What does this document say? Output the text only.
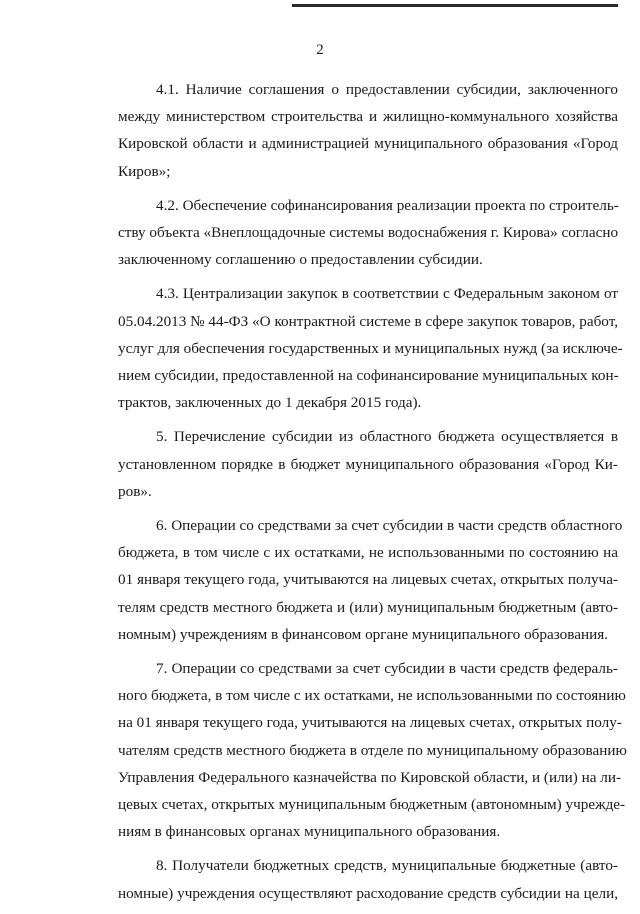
2

4.1. Наличие соглашения о предоставлении субсидии, заключенного
между министерством строительства и жилищно-коммунального хозяйства
Кировской области и администрацией муниципального образования «Город
Киров»;

4.2. Обеспечение софинансирования реализации проекта по строитель-
ству объекта «Внеплощадочные системы водоснабжения г. Кирова» согласно
заключенному соглашению о предоставлении субсидии.

4.3. Централизации закупок в соответствии с Федеральным законом от
05.04.2013 № 44-ФЗ «О контрактной системе в сфере закупок товаров, работ,
услуг для обеспечения государственных и муниципальных нужд (за исключе-
нием субсидии, предоставленной на софинансирование муниципальных кон-
трактов, заключенных до 1 декабря 2015 года).

5. Перечисление субсидии из областного бюджета осуществляется в
установленном порядке в бюджет муниципального образования «Город Ки-
ров».

6. Операции со средствами за счет субсидии в части средств областного
бюджета, в том числе с их остатками, не использованными по состоянию на
01 января текущего года, учитываются на лицевых счетах, открытых получа-
телям средств местного бюджета и (или) муниципальным бюджетным (авто-
номным) учреждениям в финансовом органе муниципального образования.

7. Операции со средствами за счет субсидии в части средств федераль-
ного бюджета, в том числе с их остатками, не использованными по состоянию
на 01 января текущего года, учитываются на лицевых счетах, открытых полу-
чателям средств местного бюджета в отделе по муниципальному образованию
Управления Федерального казначейства по Кировской области, и (или) на ли-
цевых счетах, открытых муниципальным бюджетным (автономным) учрежде-
ниям в финансовых органах муниципального образования.

8. Получатели бюджетных средств, муниципальные бюджетные (авто-
номные) учреждения осуществляют расходование средств субсидии на цели,
